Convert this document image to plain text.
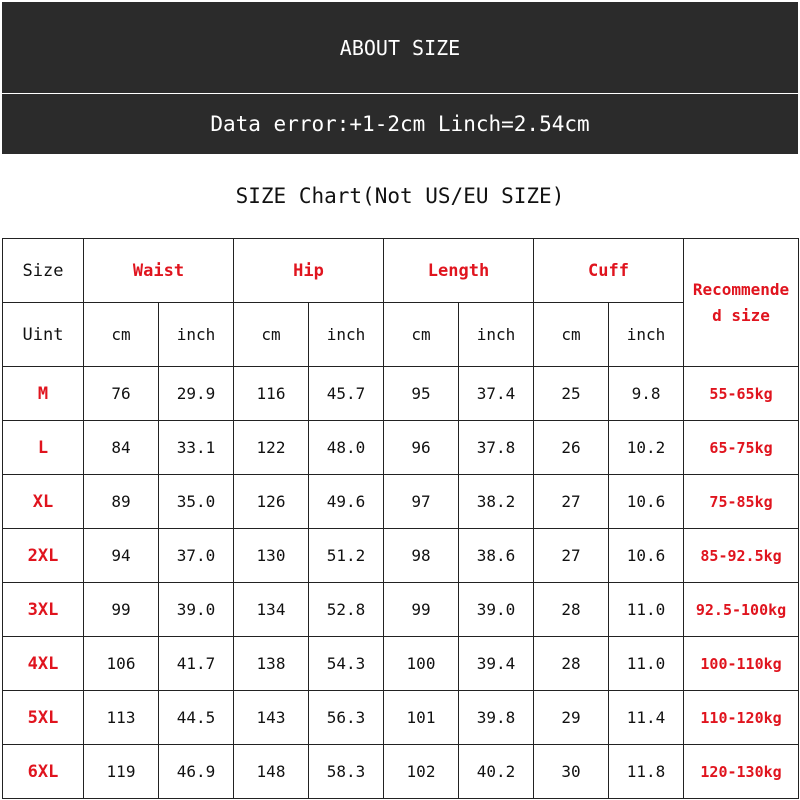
ABOUT SIZE
Data error:+1-2cm Linch=2.54cm
SIZE Chart(Not US/EU SIZE)
Size	Waist		Hip		Length		Cuff		Recommende
d size

Uint	cm	inch	cm	inch	cm	inch	cm	inch	
M	76	29.9	116	45.7	95	37.4	25	9.8	55-65kg
L	84	33.1	122	48.0	96	37.8	26	10.2	65-75kg
XL	89	35.0	126	49.6	97	38.2	27	10.6	75-85kg
2XL	94	37.0	130	51.2	98	38.6	27	10.6	85-92.5kg
3XL	99	39.0	134	52.8	99	39.0	28	11.0	92.5-100kg
4XL	106	41.7	138	54.3	100	39.4	28	11.0	100-110kg
5XL	113	44.5	143	56.3	101	39.8	29	11.4	110-120kg
6XL	119	46.9	148	58.3	102	40.2	30	11.8	120-130kg
